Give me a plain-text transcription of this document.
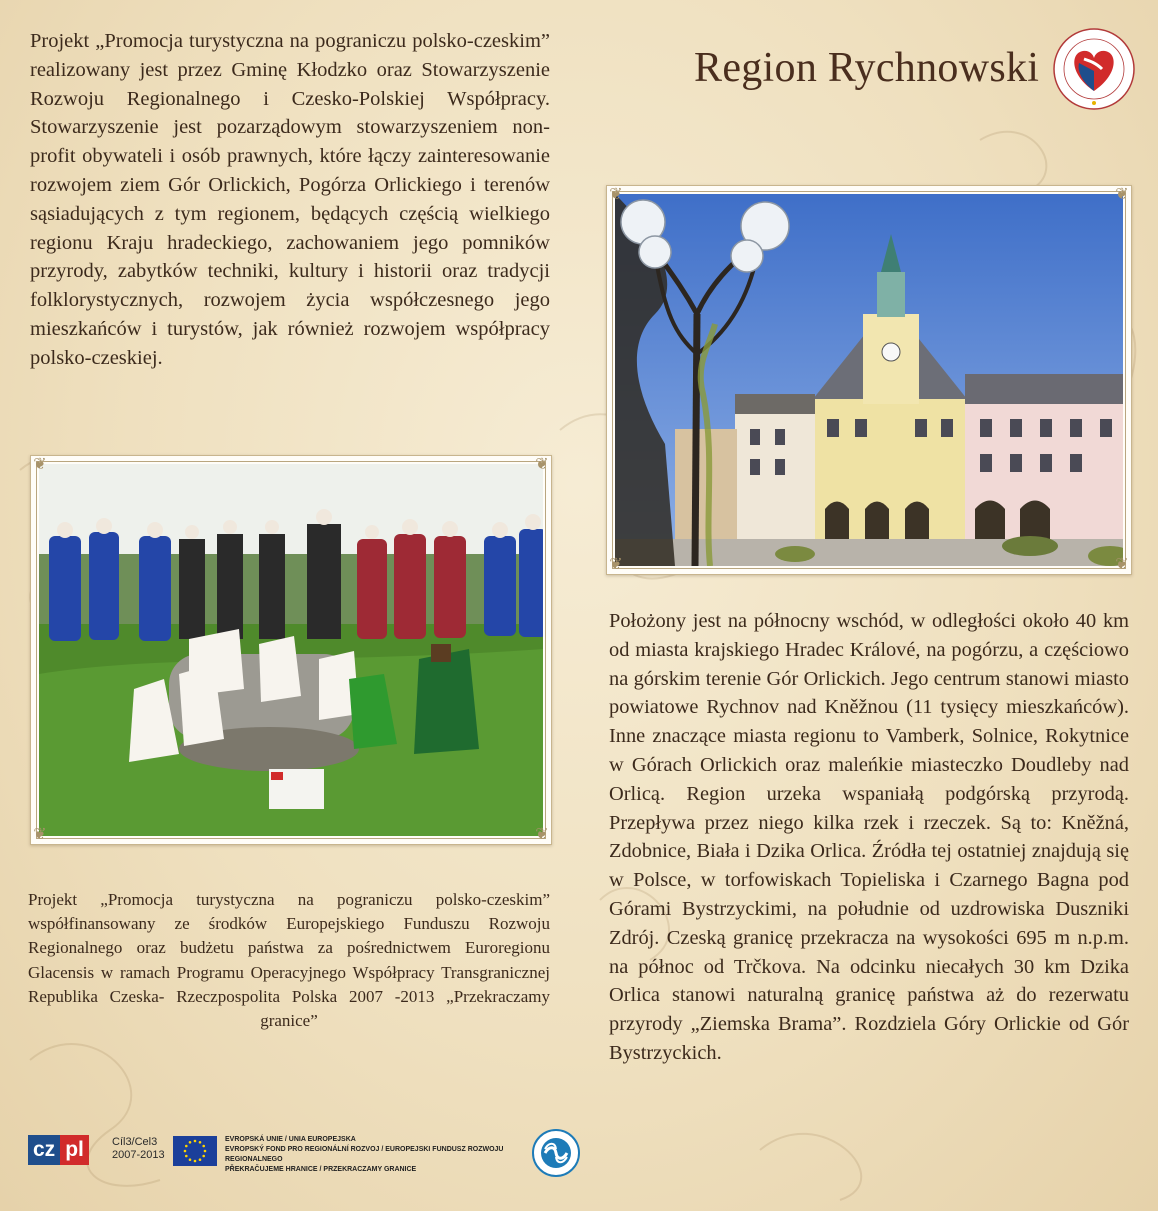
Projekt „Promocja turystyczna na pograniczu polsko-czeskim” realizowany jest przez Gminę Kłodzko oraz Stowarzyszenie Rozwoju Regionalnego i Czesko-Polskiej Współpracy. Stowarzyszenie jest pozarządowym stowarzyszeniem non-profit obywateli i osób prawnych, które łączy zainteresowanie rozwojem ziem Gór Orlickich, Pogórza Orlickiego i terenów sąsiadujących z tym regionem, będących częścią wielkiego regionu Kraju hradeckiego, zachowaniem jego pomników przyrody, zabytków techniki, kultury i historii oraz tradycji folklorystycznych, rozwojem życia współczesnego jego mieszkańców i turystów, jak również rozwojem współpracy polsko-czeskiej.
Region Rychnowski
❦	❦
❦	❦
Projekt „Promocja turystyczna na pograniczu polsko-czeskim” współfinansowany ze środków Europejskiego Funduszu Rozwoju Regionalnego oraz budżetu państwa za pośrednictwem Euroregionu Glacensis w ramach Programu Operacyjnego Współpracy Transgranicznej Republika Czeska- Rzeczpospolita Polska 2007 -2013 „Przekraczamy granice”
❦	❦
❦	❦
Położony jest na północny wschód, w odległości około 40 km od miasta krajskiego Hradec Králové, na pogórzu, a częściowo na górskim terenie Gór Orlickich. Jego centrum stanowi miasto powiatowe Rychnov nad Kněžnou (11 tysięcy mieszkańców). Inne znaczące miasta regionu to Vamberk, Solnice, Rokytnice w Górach Orlickich oraz maleńkie miasteczko Doudleby nad Orlicą. Region urzeka wspaniałą podgórską przyrodą. Przepływa przez niego kilka rzek i rzeczek. Są to: Kněžná, Zdobnice, Biała i Dzika Orlica. Źródła tej ostatniej znajdują się w Polsce, w torfowiskach Topieliska i Czarnego Bagna pod Górami Bystrzyckimi, na południe od uzdrowiska Duszniki Zdrój. Czeską granicę przekracza na wysokości 695 m n.p.m. na północ od Trčkova. Na odcinku niecałych 30 km Dzika Orlica stanowi naturalną granicę państwa aż do rezerwatu przyrody „Ziemska Brama”. Rozdziela Góry Orlickie od Gór Bystrzyckich.
cz pl	Cíl3/Cel3
2007-2013
EVROPSKÁ UNIE / UNIA EUROPEJSKA
EVROPSKÝ FOND PRO REGIONÁLNÍ ROZVOJ / EUROPEJSKI FUNDUSZ ROZWOJU REGIONALNEGO
PŘEKRAČUJEME HRANICE / PRZEKRACZAMY GRANICE
